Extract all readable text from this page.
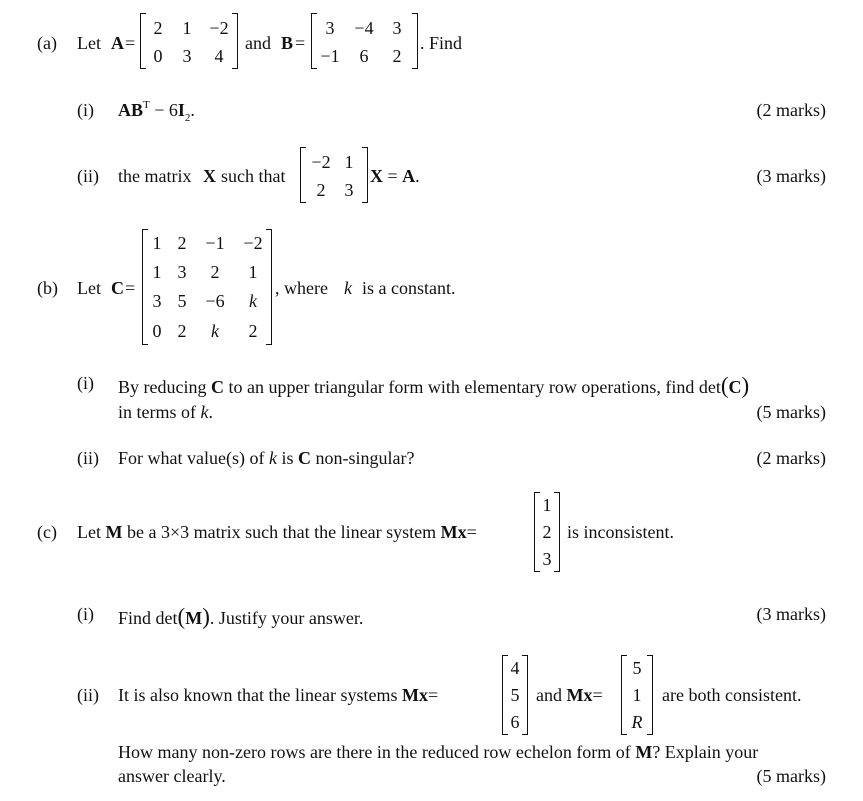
(a) Let A =
2	1 −2
0	3	4
and B =
3	−4	3
−1	6	2
. Find
(i) $AB^T - 6I_2$.	(2 marks)
(ii) the matrix X such that
−2 1
2	3
X = A.	(3 marks)
(b) Let C =
1 2	−1	−2
1 3	2	1
3 5	−6	k
0 2	k	2
, where k is a constant.
(i) By reducing C to an upper triangular form with elementary row operations, find det(C)
in terms of k.	(5 marks)
(ii) For what value(s) of k is C non-singular?	(2 marks)
(c) Let M be a 3×3 matrix such that the linear system Mx=
1
2
3
is inconsistent.
(i) Find det(M). Justify your answer.	(3 marks)
(ii) It is also known that the linear systems Mx=
4
5
6
and Mx=
5
1
R
are both consistent.
How many non-zero rows are there in the reduced row echelon form of M? Explain your
answer clearly.	(5 marks)
